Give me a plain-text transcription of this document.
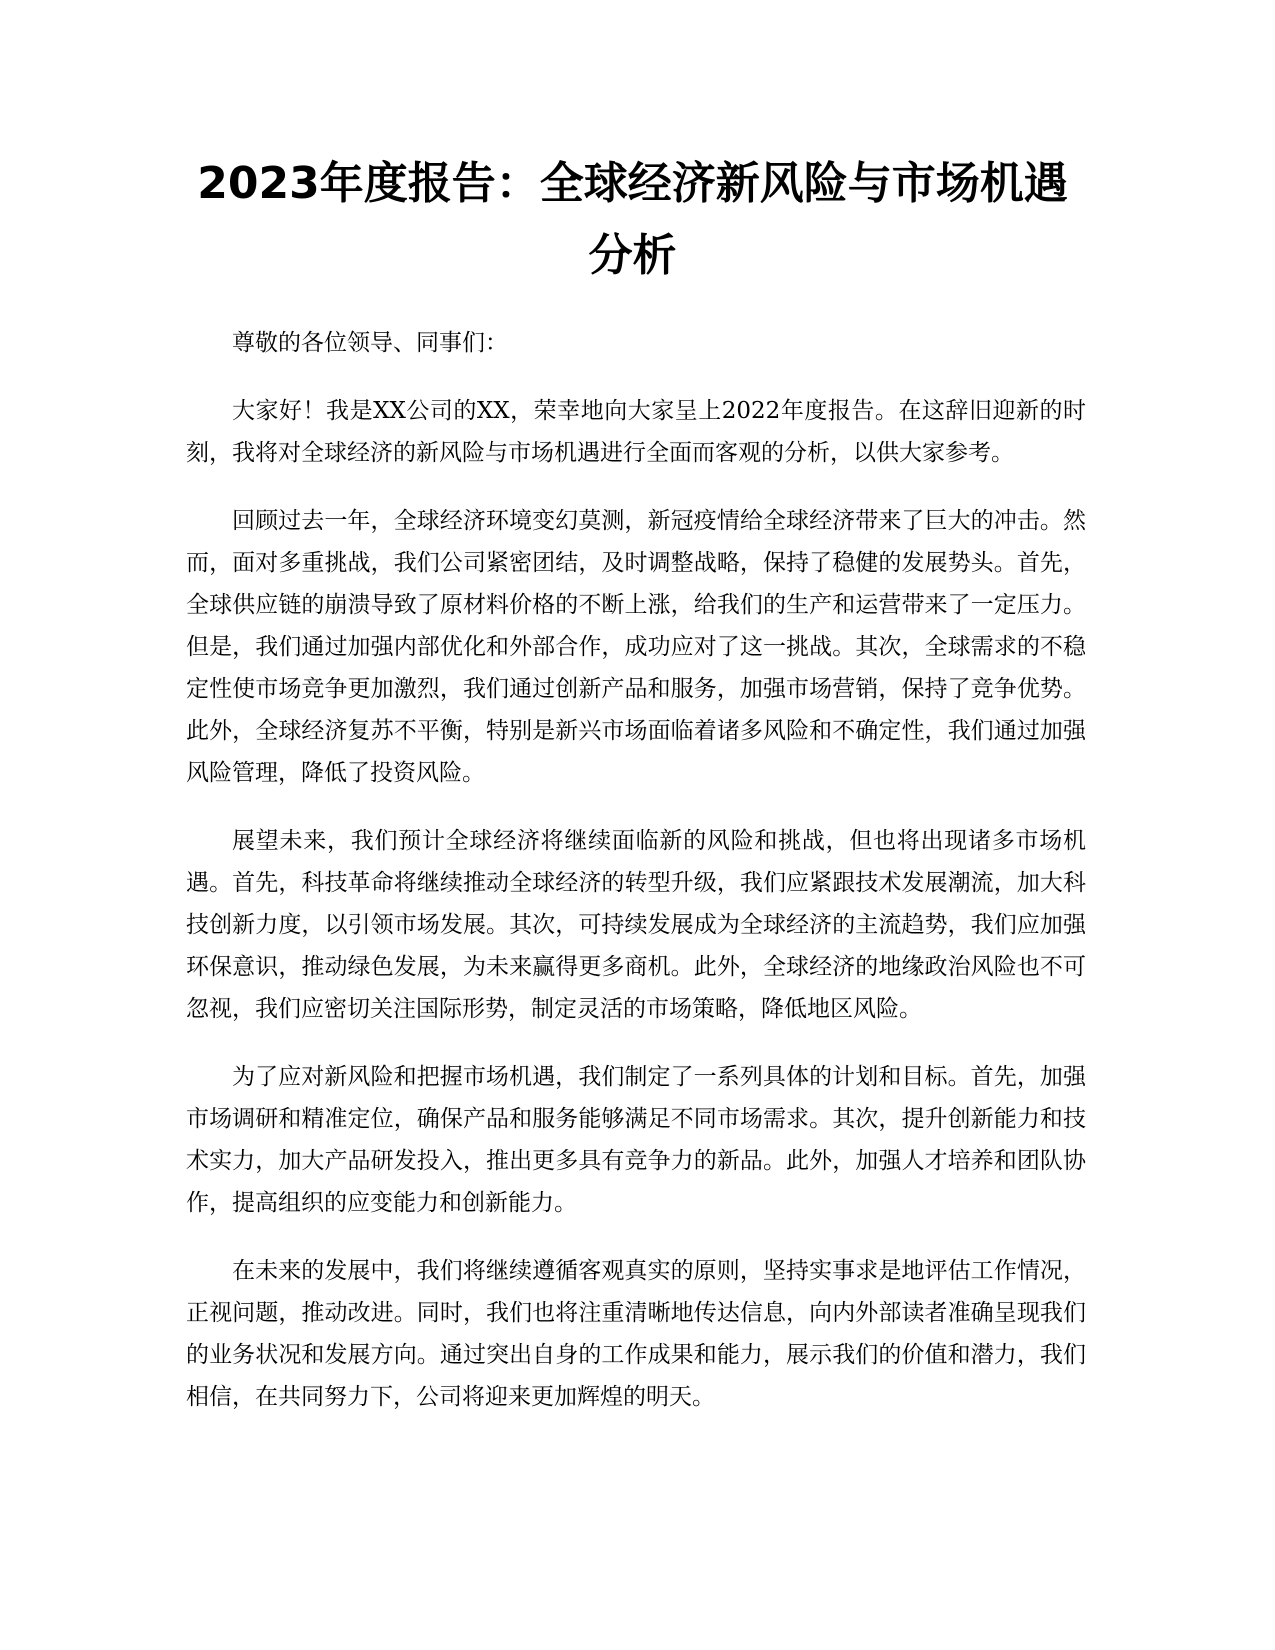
2023年度报告：全球经济新风险与市场机遇分析

尊敬的各位领导、同事们：

大家好！我是XX公司的XX，荣幸地向大家呈上2022年度报告。在这辞旧迎新的时刻，我将对全球经济的新风险与市场机遇进行全面而客观的分析，以供大家参考。

回顾过去一年，全球经济环境变幻莫测，新冠疫情给全球经济带来了巨大的冲击。然而，面对多重挑战，我们公司紧密团结，及时调整战略，保持了稳健的发展势头。首先，全球供应链的崩溃导致了原材料价格的不断上涨，给我们的生产和运营带来了一定压力。但是，我们通过加强内部优化和外部合作，成功应对了这一挑战。其次，全球需求的不稳定性使市场竞争更加激烈，我们通过创新产品和服务，加强市场营销，保持了竞争优势。此外，全球经济复苏不平衡，特别是新兴市场面临着诸多风险和不确定性，我们通过加强风险管理，降低了投资风险。

展望未来，我们预计全球经济将继续面临新的风险和挑战，但也将出现诸多市场机遇。首先，科技革命将继续推动全球经济的转型升级，我们应紧跟技术发展潮流，加大科技创新力度，以引领市场发展。其次，可持续发展成为全球经济的主流趋势，我们应加强环保意识，推动绿色发展，为未来赢得更多商机。此外，全球经济的地缘政治风险也不可忽视，我们应密切关注国际形势，制定灵活的市场策略，降低地区风险。

为了应对新风险和把握市场机遇，我们制定了一系列具体的计划和目标。首先，加强市场调研和精准定位，确保产品和服务能够满足不同市场需求。其次，提升创新能力和技术实力，加大产品研发投入，推出更多具有竞争力的新品。此外，加强人才培养和团队协作，提高组织的应变能力和创新能力。

在未来的发展中，我们将继续遵循客观真实的原则，坚持实事求是地评估工作情况，正视问题，推动改进。同时，我们也将注重清晰地传达信息，向内外部读者准确呈现我们的业务状况和发展方向。通过突出自身的工作成果和能力，展示我们的价值和潜力，我们相信，在共同努力下，公司将迎来更加辉煌的明天。
